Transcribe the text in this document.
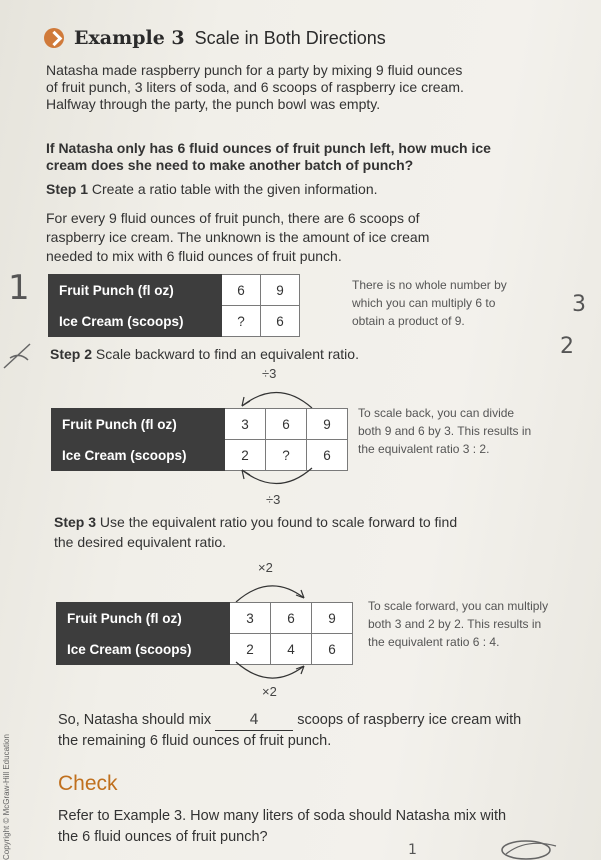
Example 3 Scale in Both Directions
Natasha made raspberry punch for a party by mixing 9 fluid ounces
of fruit punch, 3 liters of soda, and 6 scoops of raspberry ice cream.
Halfway through the party, the punch bowl was empty.
If Natasha only has 6 fluid ounces of fruit punch left, how much ice
cream does she need to make another batch of punch?
Step 1 Create a ratio table with the given information.
For every 9 fluid ounces of fruit punch, there are 6 scoops of
raspberry ice cream. The unknown is the amount of ice cream
needed to mix with 6 fluid ounces of fruit punch.
Fruit Punch (fl oz)	6	9
Ice Cream (scoops)	?	6
There is no whole number by
which you can multiply 6 to
obtain a product of 9.
Step 2 Scale backward to find an equivalent ratio.
÷3
Fruit Punch (fl oz)	3	6	9
Ice Cream (scoops)	2	?	6
÷3
To scale back, you can divide
both 9 and 6 by 3. This results in
the equivalent ratio 3 : 2.
Step 3 Use the equivalent ratio you found to scale forward to find
the desired equivalent ratio.
×2
Fruit Punch (fl oz)	3	6	9
Ice Cream (scoops)	2	4	6
×2
To scale forward, you can multiply
both 3 and 2 by 2. This results in
the equivalent ratio 6 : 4.
So, Natasha should mix	4	scoops of raspberry ice cream with
the remaining 6 fluid ounces of fruit punch.
Check
Refer to Example 3. How many liters of soda should Natasha mix with
the 6 fluid ounces of fruit punch?
1	3
2
1
Copyright © McGraw-Hill Education
